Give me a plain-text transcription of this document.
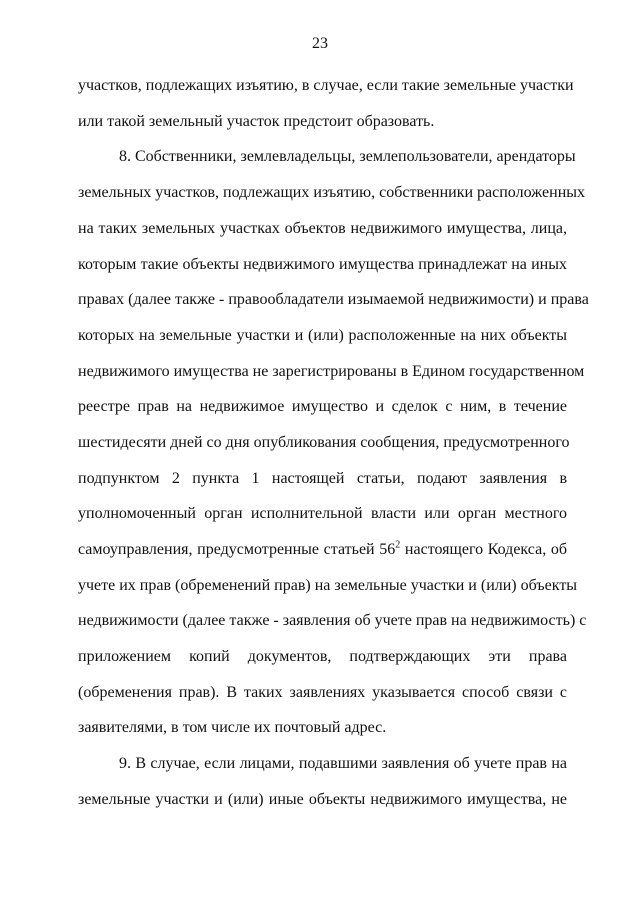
23
участков, подлежащих изъятию, в случае, если такие земельные участки
или такой земельный участок предстоит образовать.
8. Собственники, землевладельцы, землепользователи, арендаторы
земельных участков, подлежащих изъятию, собственники расположенных
на таких земельных участках объектов недвижимого имущества, лица,
которым такие объекты недвижимого имущества принадлежат на иных
правах (далее также - правообладатели изымаемой недвижимости) и права
которых на земельные участки и (или) расположенные на них объекты
недвижимого имущества не зарегистрированы в Едином государственном
реестре прав на недвижимое имущество и сделок с ним, в течение
шестидесяти дней со дня опубликования сообщения, предусмотренного
подпунктом 2 пункта 1 настоящей статьи, подают заявления в
уполномоченный орган исполнительной власти или орган местного
самоуправления, предусмотренные статьей $56^2$ настоящего Кодекса, об
учете их прав (обременений прав) на земельные участки и (или) объекты
недвижимости (далее также - заявления об учете прав на недвижимость) с
приложением копий документов, подтверждающих эти права
(обременения прав). В таких заявлениях указывается способ связи с
заявителями, в том числе их почтовый адрес.
9. В случае, если лицами, подавшими заявления об учете прав на
земельные участки и (или) иные объекты недвижимого имущества, не
